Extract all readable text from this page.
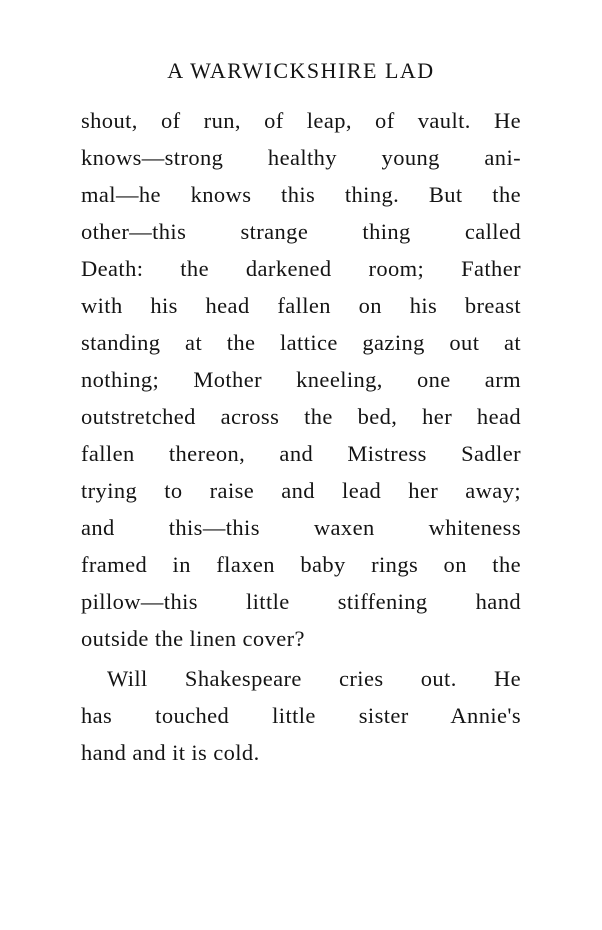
A WARWICKSHIRE LAD
shout, of run, of leap, of vault. He
knows—strong healthy young ani-
mal—he knows this thing. But the
other—this strange thing called
Death: the darkened room; Father
with his head fallen on his breast
standing at the lattice gazing out at
nothing; Mother kneeling, one arm
outstretched across the bed, her head
fallen thereon, and Mistress Sadler
trying to raise and lead her away;
and this—this waxen whiteness
framed in flaxen baby rings on the
pillow—this little stiffening hand
outside the linen cover?
Will Shakespeare cries out. He
has touched little sister Annie's
hand and it is cold.
